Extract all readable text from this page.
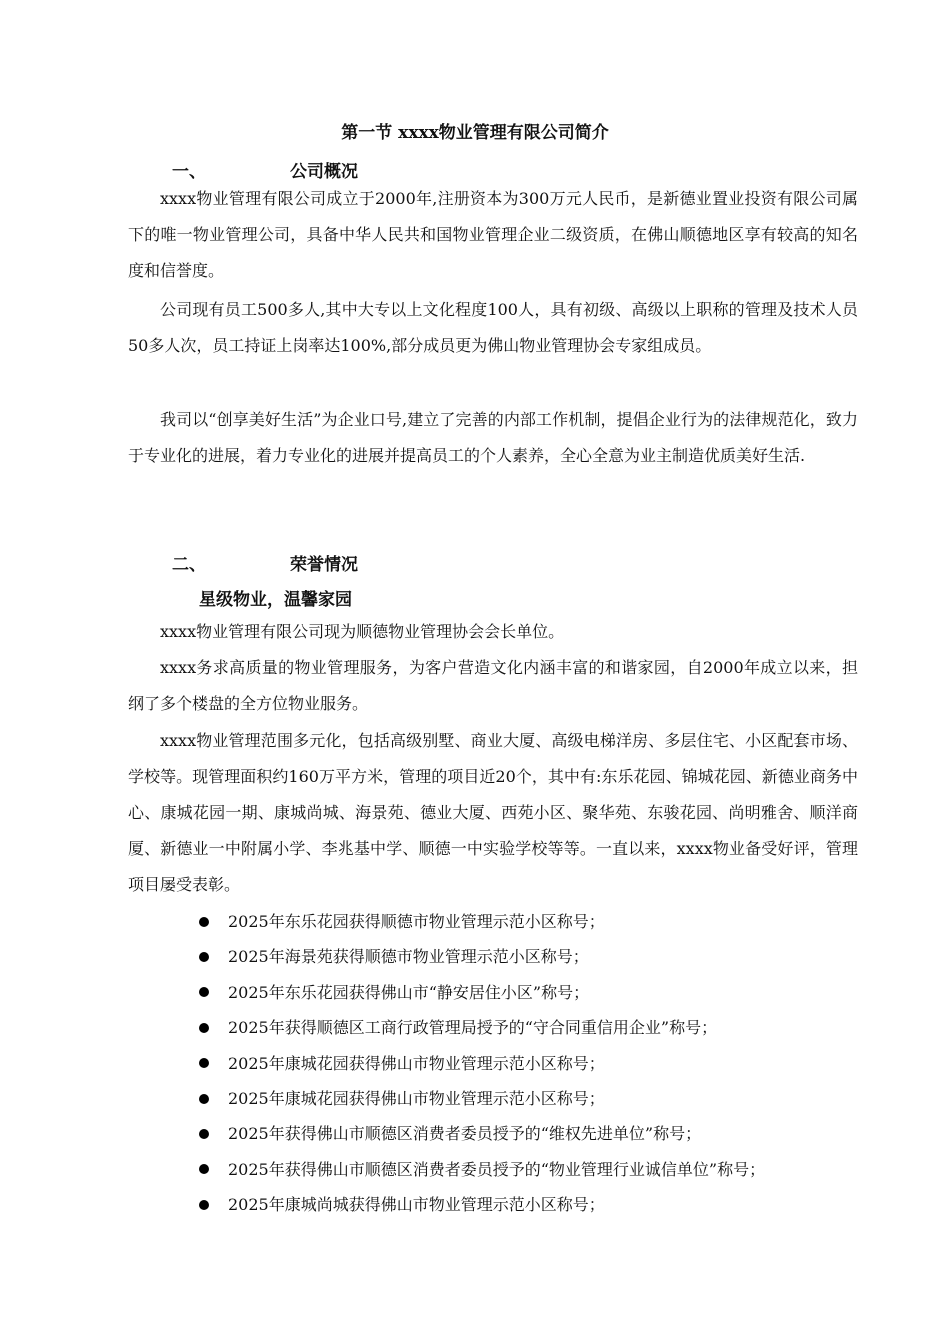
第一节 xxxx物业管理有限公司简介
一、	公司概况

xxxx物业管理有限公司成立于2000年,注册资本为300万元人民币，是新德业置业投资有限公司属下的唯一物业管理公司，具备中华人民共和国物业管理企业二级资质，在佛山顺德地区享有较高的知名度和信誉度。

公司现有员工500多人,其中大专以上文化程度100人，具有初级、高级以上职称的管理及技术人员50多人次，员工持证上岗率达100%,部分成员更为佛山物业管理协会专家组成员。

我司以“创享美好生活”为企业口号,建立了完善的内部工作机制，提倡企业行为的法律规范化，致力于专业化的进展，着力专业化的进展并提高员工的个人素养，全心全意为业主制造优质美好生活.

二、	荣誉情况
星级物业，温馨家园

xxxx物业管理有限公司现为顺德物业管理协会会长单位。

xxxx务求高质量的物业管理服务，为客户营造文化内涵丰富的和谐家园，自2000年成立以来，担纲了多个楼盘的全方位物业服务。

xxxx物业管理范围多元化，包括高级别墅、商业大厦、高级电梯洋房、多层住宅、小区配套市场、学校等。现管理面积约160万平方米，管理的项目近20个，其中有:东乐花园、锦城花园、新德业商务中心、康城花园一期、康城尚城、海景苑、德业大厦、西苑小区、聚华苑、东骏花园、尚明雅舍、顺洋商厦、新德业一中附属小学、李兆基中学、顺德一中实验学校等等。一直以来，xxxx物业备受好评，管理项目屡受表彰。

2025年东乐花园获得顺德市物业管理示范小区称号；
2025年海景苑获得顺德市物业管理示范小区称号；
2025年东乐花园获得佛山市“静安居住小区”称号；
2025年获得顺德区工商行政管理局授予的“守合同重信用企业”称号；
2025年康城花园获得佛山市物业管理示范小区称号；
2025年康城花园获得佛山市物业管理示范小区称号；
2025年获得佛山市顺德区消费者委员授予的“维权先进单位”称号；
2025年获得佛山市顺德区消费者委员授予的“物业管理行业诚信单位”称号；
2025年康城尚城获得佛山市物业管理示范小区称号；
